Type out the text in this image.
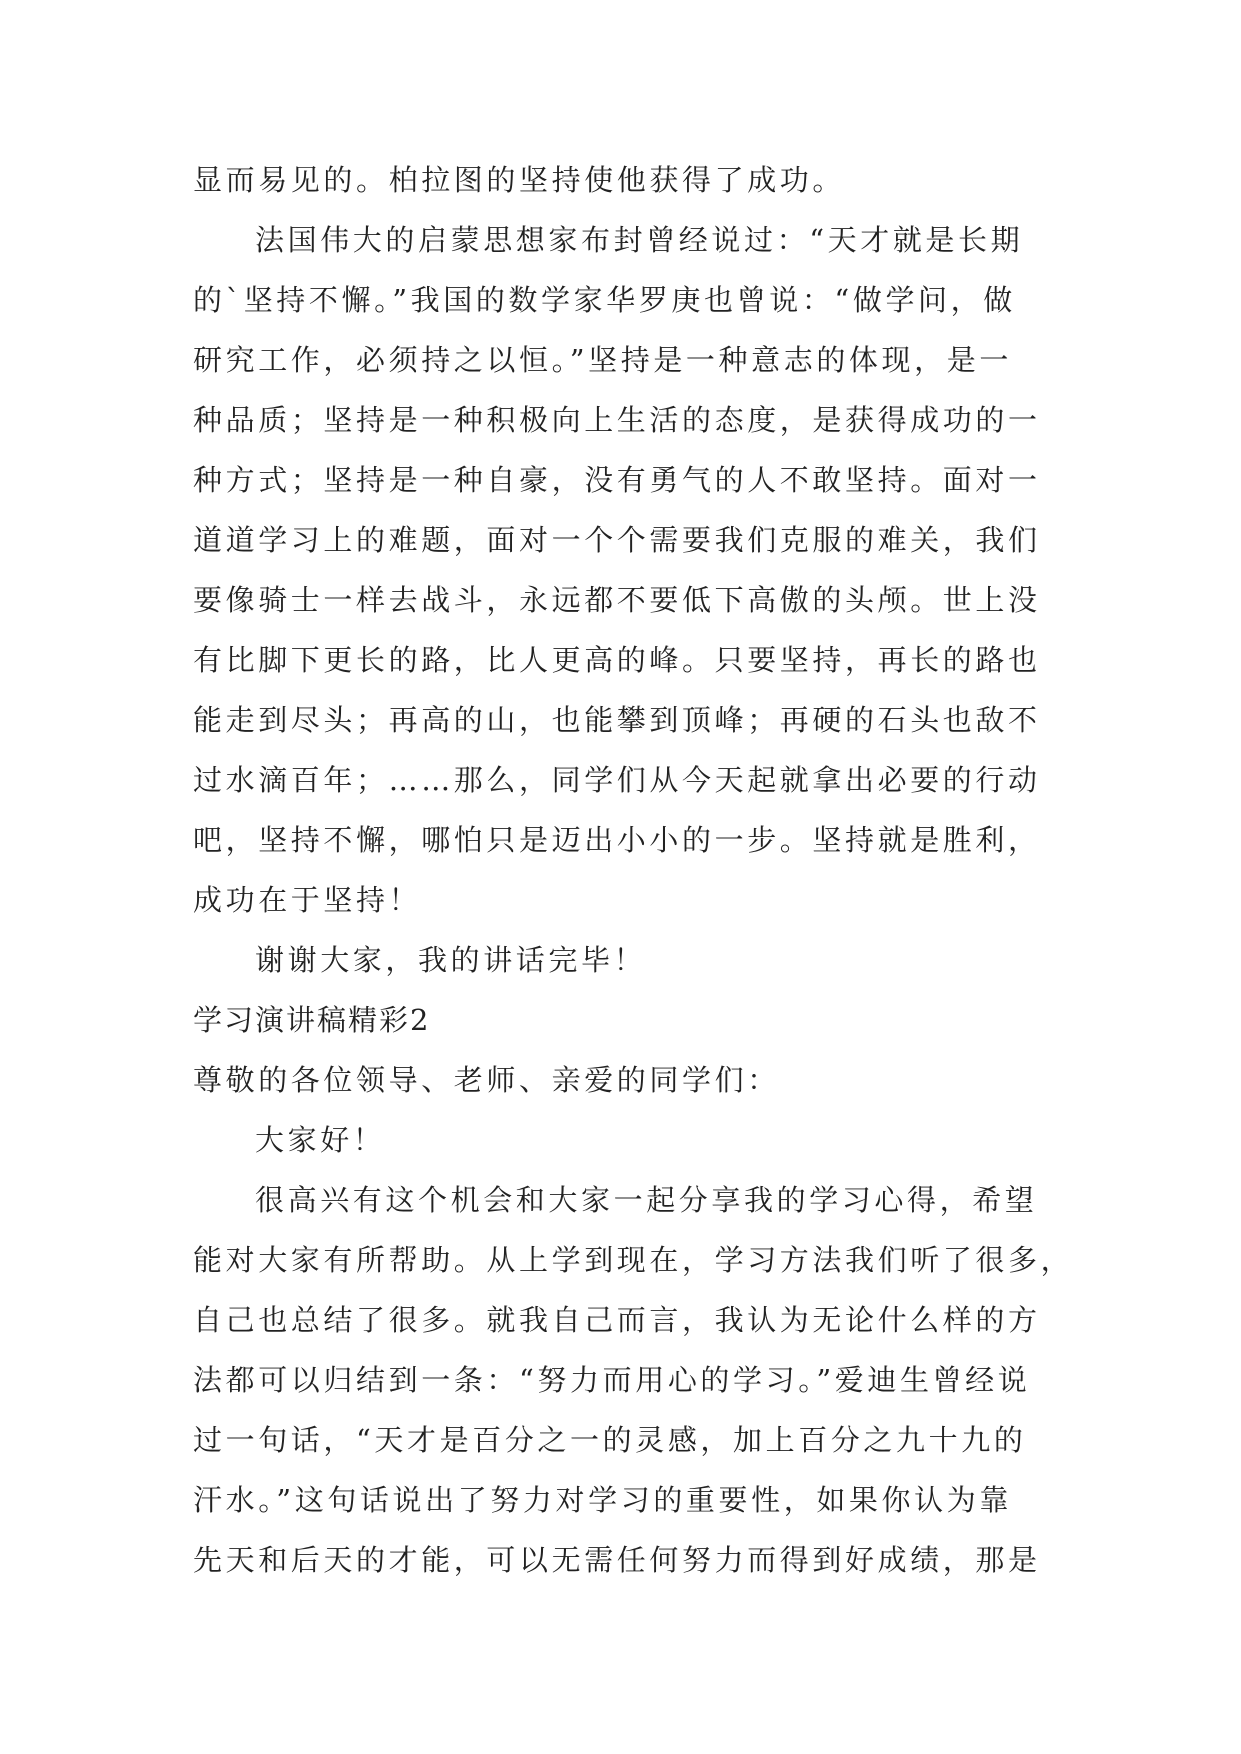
显而易见的。柏拉图的坚持使他获得了成功。
法国伟大的启蒙思想家布封曾经说过：“天才就是长期
的`坚持不懈。”我国的数学家华罗庚也曾说：“做学问，做
研究工作，必须持之以恒。”坚持是一种意志的体现，是一
种品质；坚持是一种积极向上生活的态度，是获得成功的一
种方式；坚持是一种自豪，没有勇气的人不敢坚持。面对一
道道学习上的难题，面对一个个需要我们克服的难关，我们
要像骑士一样去战斗，永远都不要低下高傲的头颅。世上没
有比脚下更长的路，比人更高的峰。只要坚持，再长的路也
能走到尽头；再高的山，也能攀到顶峰；再硬的石头也敌不
过水滴百年；……那么，同学们从今天起就拿出必要的行动
吧，坚持不懈，哪怕只是迈出小小的一步。坚持就是胜利，
成功在于坚持！
谢谢大家，我的讲话完毕！
学习演讲稿精彩2
尊敬的各位领导、老师、亲爱的同学们：
大家好！
很高兴有这个机会和大家一起分享我的学习心得，希望
能对大家有所帮助。从上学到现在，学习方法我们听了很多，
自己也总结了很多。就我自己而言，我认为无论什么样的方
法都可以归结到一条：“努力而用心的学习。”爱迪生曾经说
过一句话，“天才是百分之一的灵感，加上百分之九十九的
汗水。”这句话说出了努力对学习的重要性，如果你认为靠
先天和后天的才能，可以无需任何努力而得到好成绩，那是
